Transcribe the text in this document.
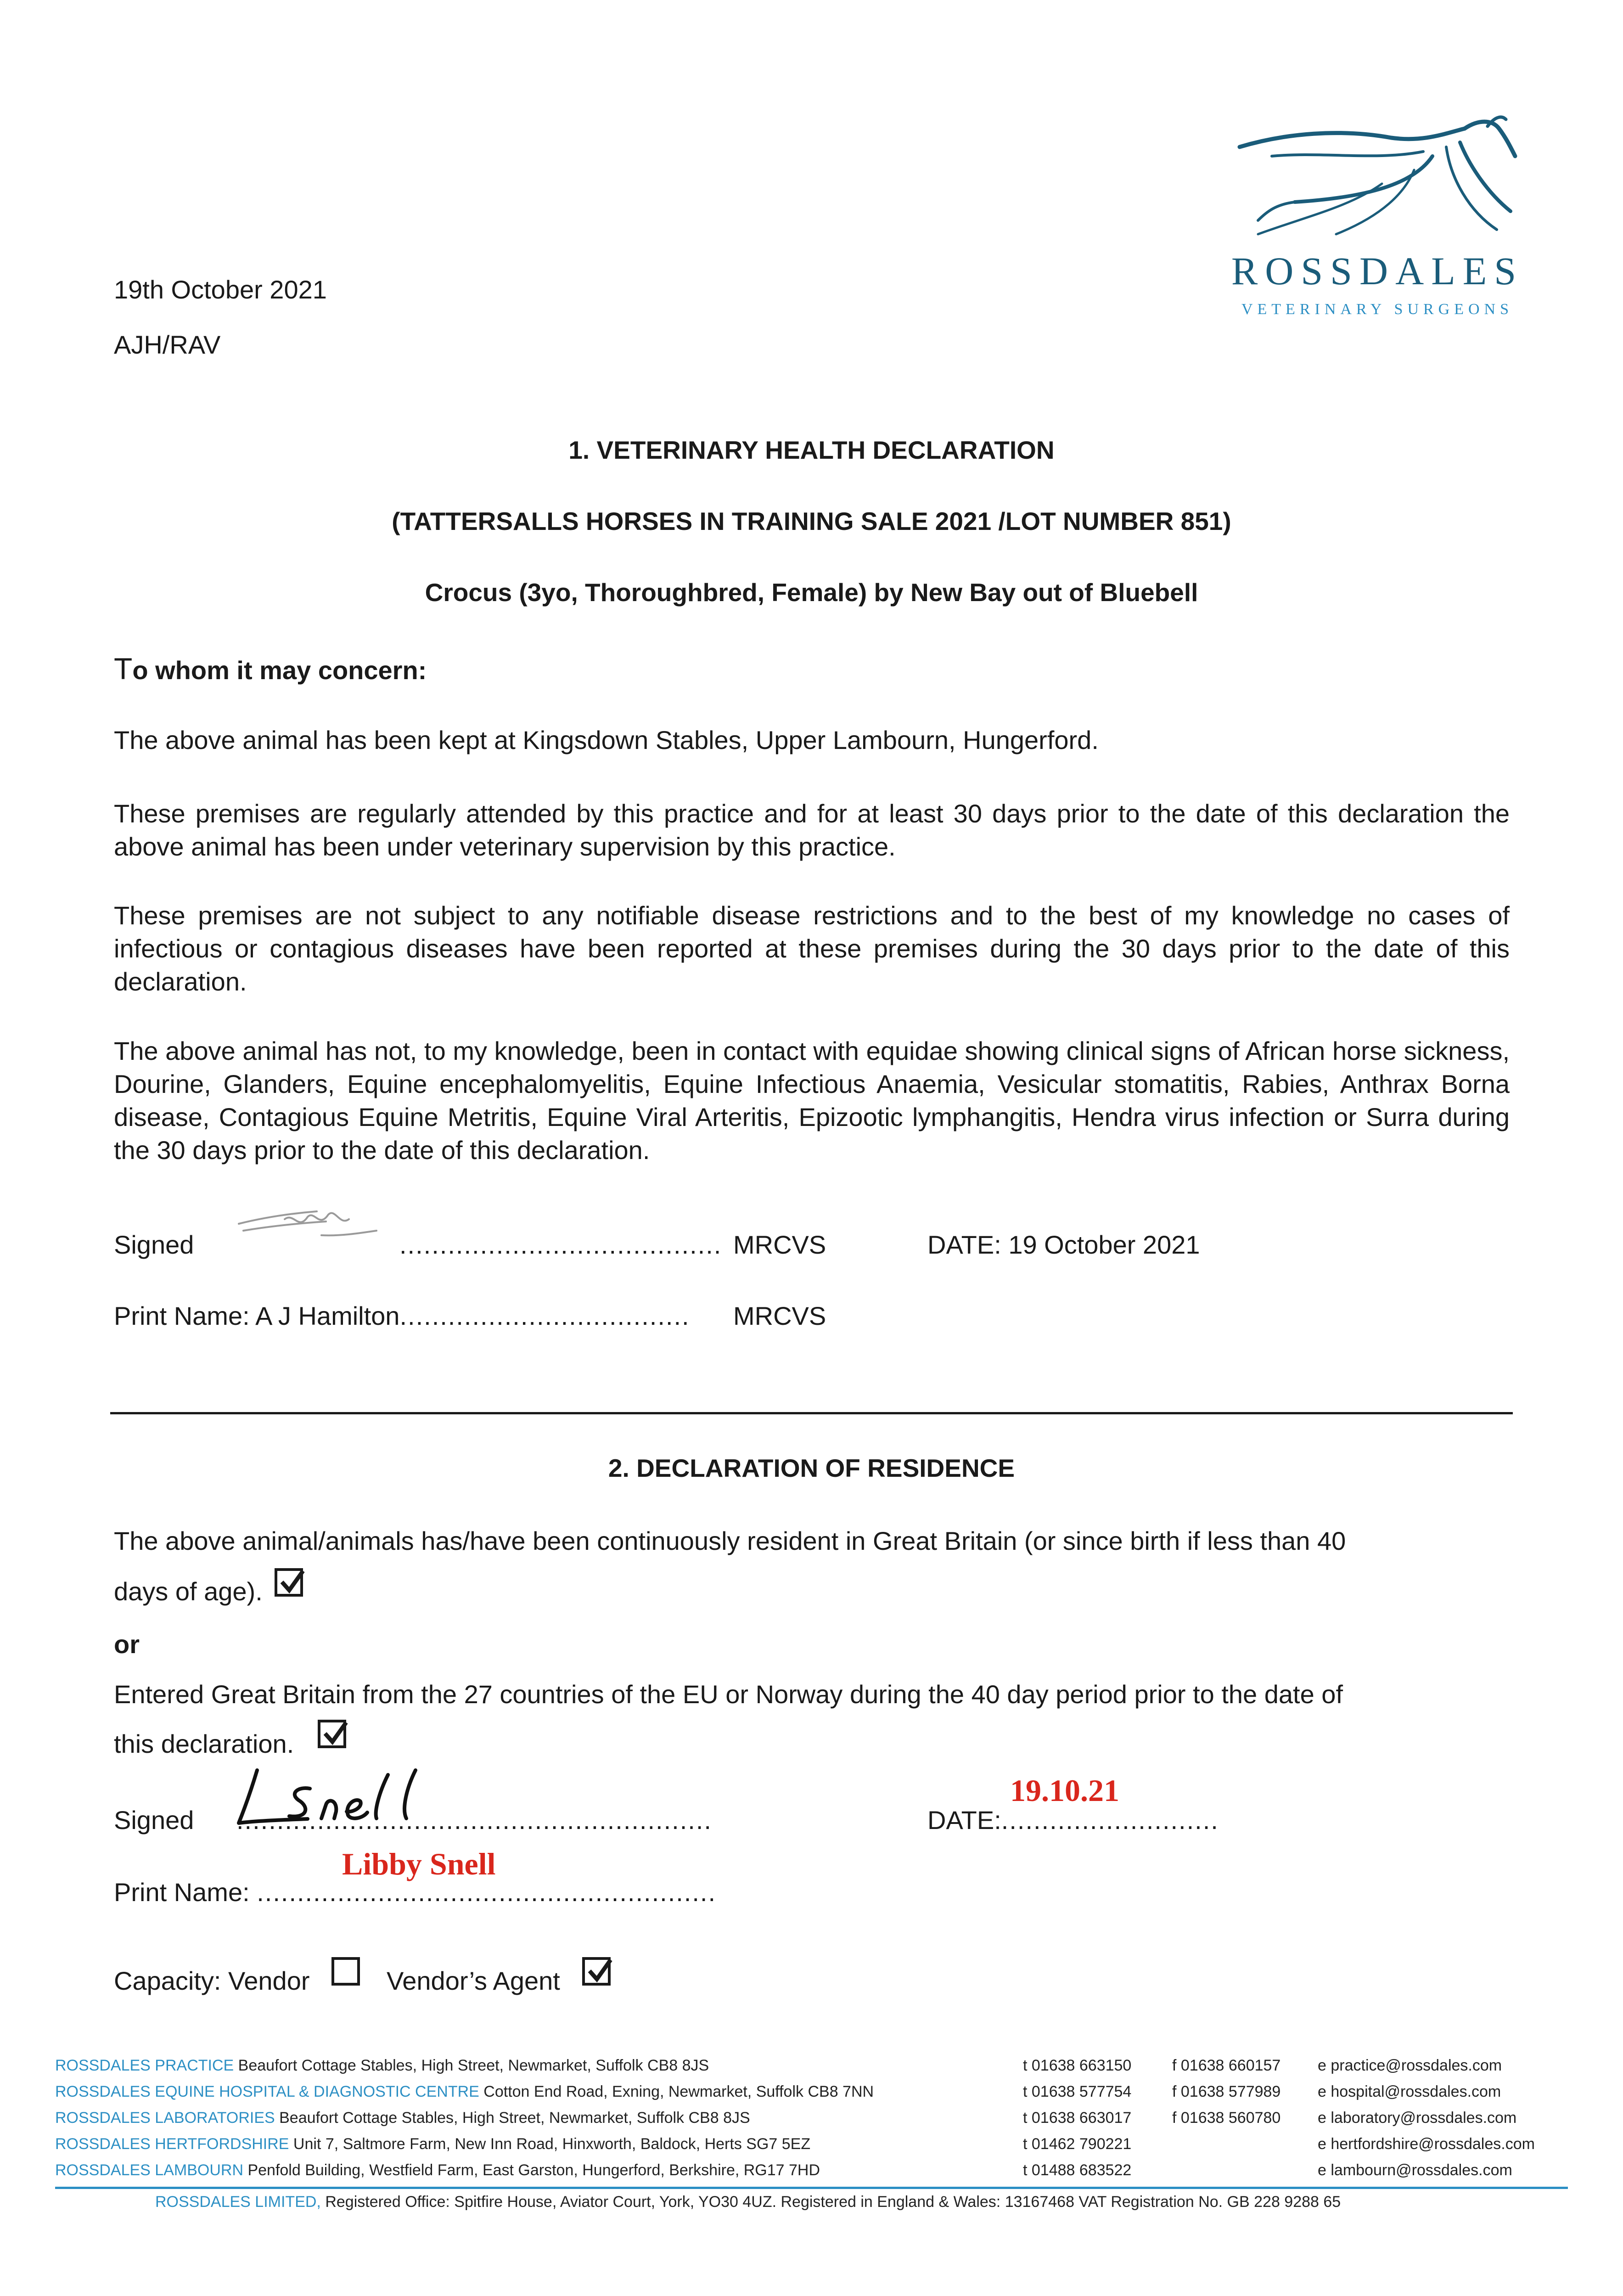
ROSSDALES
VETERINARY SURGEONS
19th October 2021
AJH/RAV
1. VETERINARY HEALTH DECLARATION
(TATTERSALLS HORSES IN TRAINING SALE 2021 /LOT NUMBER 851)
Crocus (3yo, Thoroughbred, Female) by New Bay out of Bluebell
To whom it may concern:
The above animal has been kept at Kingsdown Stables, Upper Lambourn, Hungerford.
These premises are regularly attended by this practice and for at least 30 days prior to the date of this declaration the above animal has been under veterinary supervision by this practice.
These premises are not subject to any notifiable disease restrictions and to the best of my knowledge no cases of infectious or contagious diseases have been reported at these premises during the 30 days prior to the date of this declaration.
The above animal has not, to my knowledge, been in contact with equidae showing clinical signs of African horse sickness, Dourine, Glanders, Equine encephalomyelitis, Equine Infectious Anaemia, Vesicular stomatitis, Rabies, Anthrax Borna disease, Contagious Equine Metritis, Equine Viral Arteritis, Epizootic lymphangitis, Hendra virus infection or Surra during the 30 days prior to the date of this declaration.
Signed	........................................ MRCVS	DATE: 19 October 2021
Print Name: A J Hamilton.................................... MRCVS
2. DECLARATION OF RESIDENCE
The above animal/animals has/have been continuously resident in Great Britain (or since birth if less than 40
days of age).
or
Entered Great Britain from the 27 countries of the EU or Norway during the 40 day period prior to the date of
this declaration.
Signed ...........................................................
19.10.21
DATE:...........................
Libby Snell
Print Name: .........................................................
Capacity: Vendor	Vendor’s Agent
ROSSDALES PRACTICE Beaufort Cottage Stables, High Street, Newmarket, Suffolk CB8 8JS	t 01638 663150	f 01638 660157 e practice@rossdales.com
ROSSDALES EQUINE HOSPITAL & DIAGNOSTIC CENTRE Cotton End Road, Exning, Newmarket, Suffolk CB8 7NN	t 01638 577754	f 01638 577989 e hospital@rossdales.com
ROSSDALES LABORATORIES Beaufort Cottage Stables, High Street, Newmarket, Suffolk CB8 8JS	t 01638 663017	f 01638 560780 e laboratory@rossdales.com
ROSSDALES HERTFORDSHIRE Unit 7, Saltmore Farm, New Inn Road, Hinxworth, Baldock, Herts SG7 5EZ	t 01462 790221	e hertfordshire@rossdales.com
ROSSDALES LAMBOURN Penfold Building, Westfield Farm, East Garston, Hungerford, Berkshire, RG17 7HD	t 01488 683522	e lambourn@rossdales.com
ROSSDALES LIMITED, Registered Office: Spitfire House, Aviator Court, York, YO30 4UZ. Registered in England & Wales: 13167468 VAT Registration No. GB 228 9288 65
